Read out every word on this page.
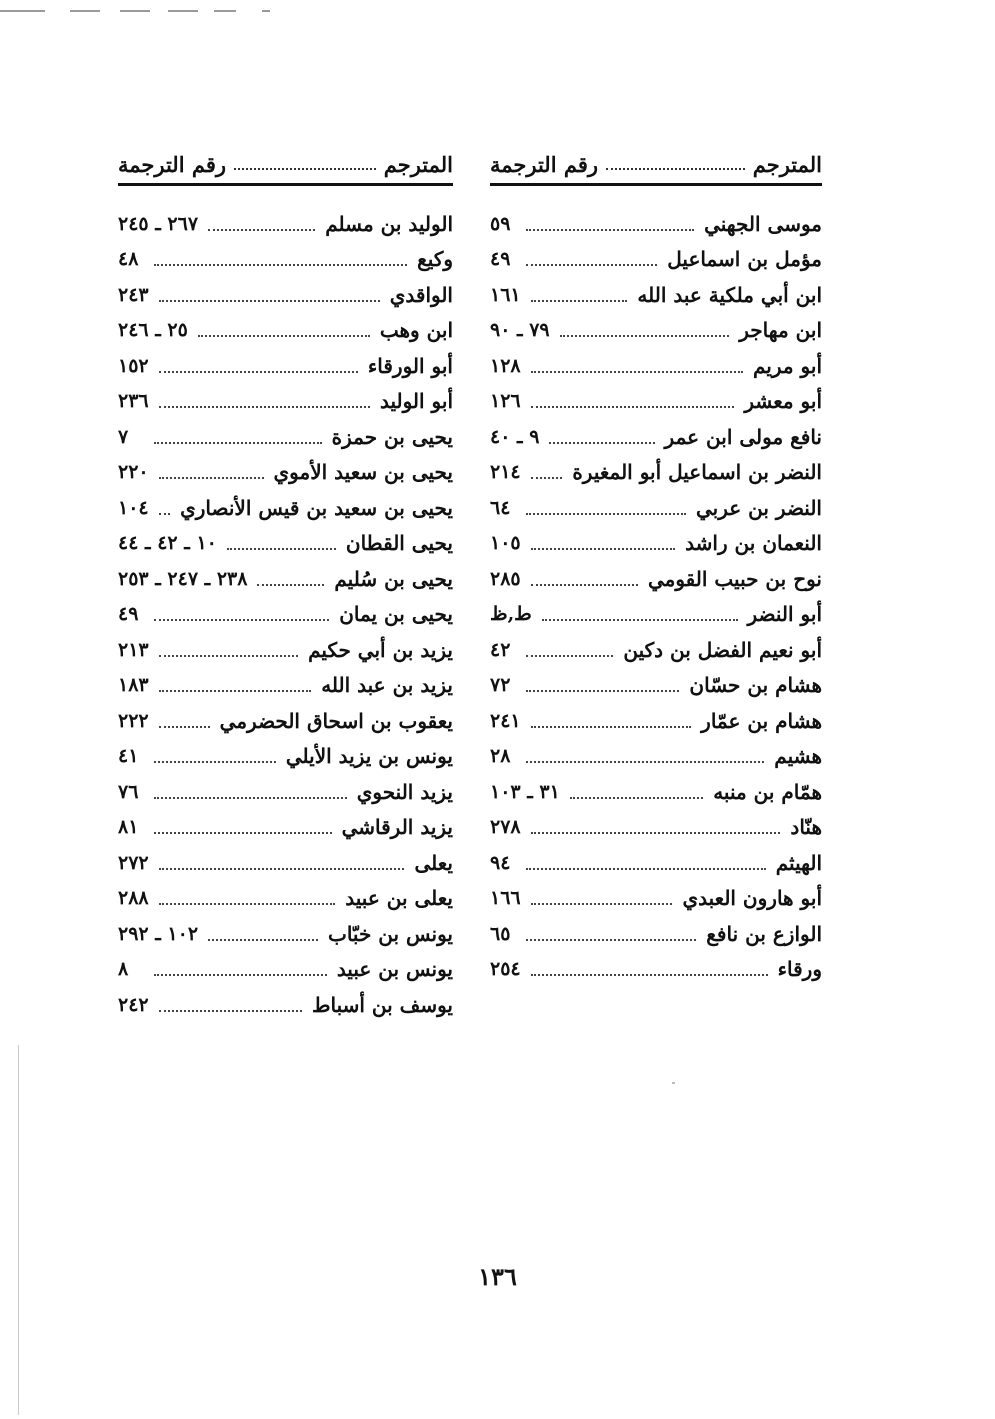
المترجم
رقم الترجمة
موسى الجهني
٥٩
مؤمل بن اسماعيل
٤٩
ابن أبي ملكية عبد الله
١٦١
ابن مهاجر
٧٩ ـ ٩٠
أبو مريم
١٢٨
أبو معشر
١٢٦
نافع مولى ابن عمر
٩ ـ ٤٠
النضر بن اسماعيل أبو المغيرة
٢١٤
النضر بن عربي
٦٤
النعمان بن راشد
١٠٥
نوح بن حبيب القومي
٢٨٥
أبو النضر
ط,ظ
أبو نعيم الفضل بن دكين
٤٢
هشام بن حسّان
٧٢
هشام بن عمّار
٢٤١
هشيم
٢٨
همّام بن منبه
٣١ ـ ١٠٣
هنّاد
٢٧٨
الهيثم
٩٤
أبو هارون العبدي
١٦٦
الوازع بن نافع
٦٥
ورقاء
٢٥٤
المترجم
رقم الترجمة
الوليد بن مسلم
٢٦٧ ـ ٢٤٥
وكيع
٤٨
الواقدي
٢٤٣
ابن وهب
٢٥ ـ ٢٤٦
أبو الورقاء
١٥٢
أبو الوليد
٢٣٦
يحيى بن حمزة
٧
يحيى بن سعيد الأموي
٢٢٠
يحيى بن سعيد بن قيس الأنصاري
١٠٤
يحيى القطان
١٠ ـ ٤٢ ـ ٤٤
يحيى بن سُليم
٢٣٨ ـ ٢٤٧ ـ ٢٥٣
يحيى بن يمان
٤٩
يزيد بن أبي حكيم
٢١٣
يزيد بن عبد الله
١٨٣
يعقوب بن اسحاق الحضرمي
٢٢٢
يونس بن يزيد الأيلي
٤١
يزيد النحوي
٧٦
يزيد الرقاشي
٨١
يعلى
٢٧٢
يعلى بن عبيد
٢٨٨
يونس بن خبّاب
١٠٢ ـ ٢٩٢
يونس بن عبيد
٨
يوسف بن أسباط
٢٤٢
١٣٦
